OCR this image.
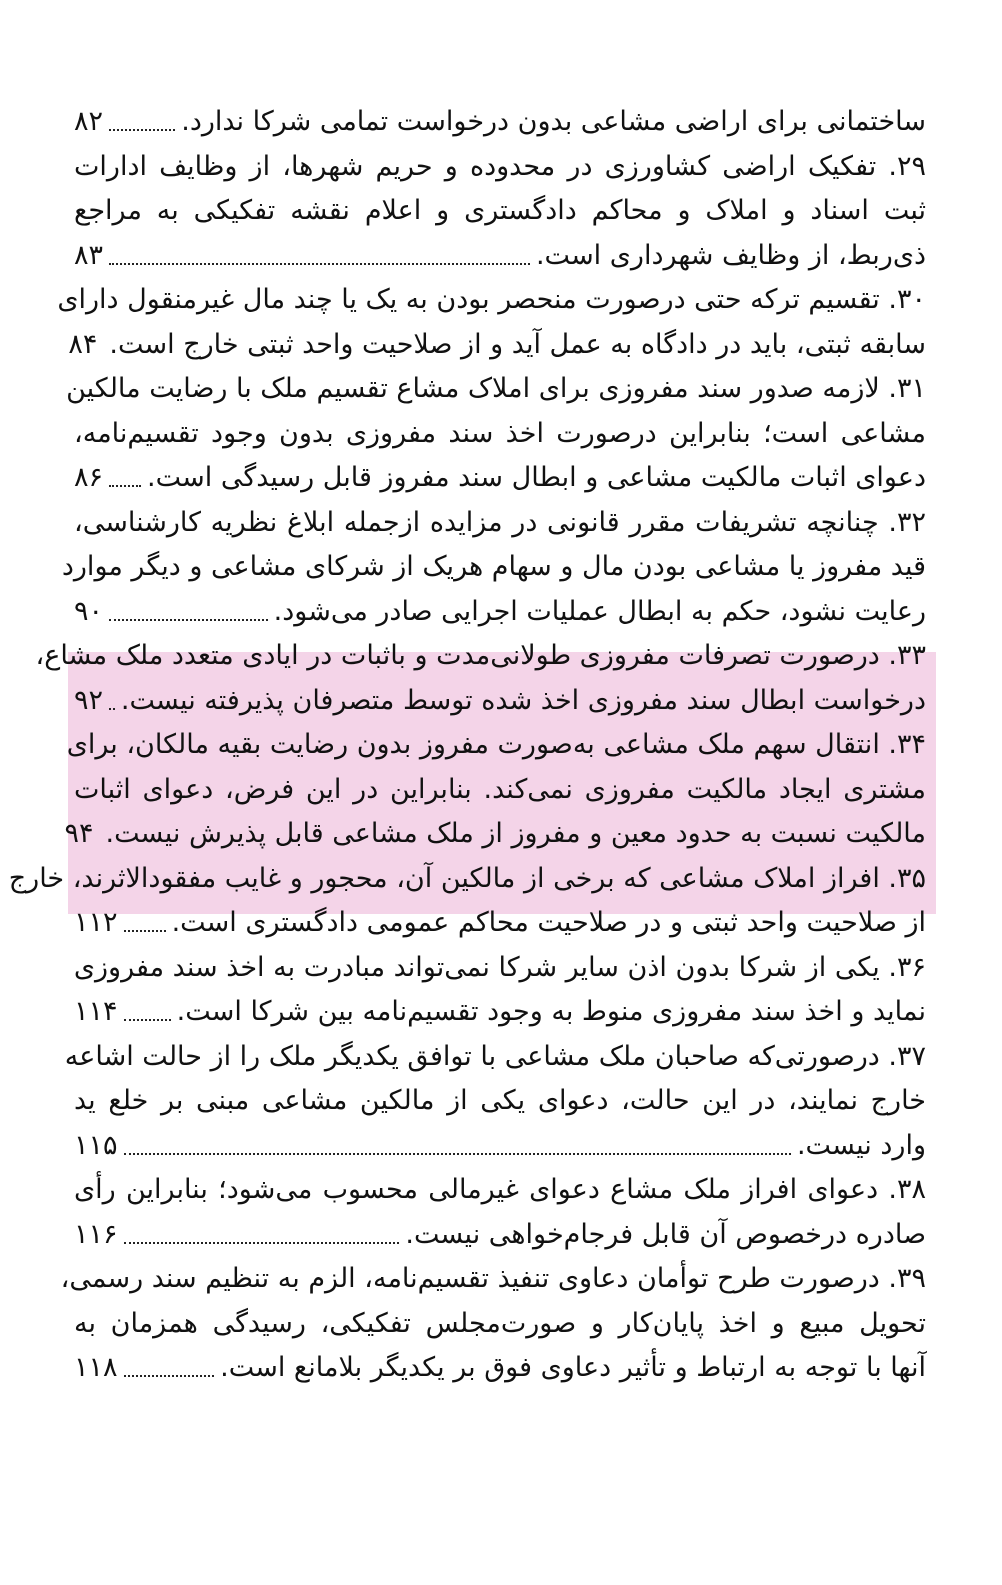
ساختمانی برای اراضی مشاعی بدون درخواست تمامی شرکا ندارد.
۸۲
۲۹. تفکیک اراضی کشاورزی در محدوده و حریم شهرها، از وظایف ادارات
ثبت اسناد و املاک و محاکم دادگستری و اعلام نقشه تفکیکی به مراجع
ذی‌ربط، از وظایف شهرداری است.
۸۳
۳۰. تقسیم ترکه حتی درصورت منحصر بودن به یک یا چند مال غیرمنقول دارای
سابقه ثبتی، باید در دادگاه به عمل آید و از صلاحیت واحد ثبتی خارج است.
۸۴
۳۱. لازمه صدور سند مفروزی برای املاک مشاع تقسیم ملک با رضایت مالکین
مشاعی است؛ بنابراین درصورت اخذ سند مفروزی بدون وجود تقسیم‌نامه،
دعوای اثبات مالکیت مشاعی و ابطال سند مفروز قابل رسیدگی است.
۸۶
۳۲. چنانچه تشریفات مقرر قانونی در مزایده ازجمله ابلاغ نظریه کارشناسی،
قید مفروز یا مشاعی بودن مال و سهام هریک از شرکای مشاعی و دیگر موارد
رعایت نشود، حکم به ابطال عملیات اجرایی صادر می‌شود.
۹۰
۳۳. درصورت تصرفات مفروزی طولانی‌مدت و باثبات در ایادی متعدد ملک مشاع،
درخواست ابطال سند مفروزی اخذ شده توسط متصرفان پذیرفته نیست.
۹۲
۳۴. انتقال سهم ملک مشاعی به‌صورت مفروز بدون رضایت بقیه مالکان، برای
مشتری ایجاد مالکیت مفروزی نمی‌کند. بنابراین در این فرض، دعوای اثبات
مالکیت نسبت به حدود معین و مفروز از ملک مشاعی قابل پذیرش نیست.
۹۴
۳۵. افراز املاک مشاعی که برخی از مالکین آن، محجور و غایب مفقودالاثرند، خارج
از صلاحیت واحد ثبتی و در صلاحیت محاکم عمومی دادگستری است.
۱۱۲
۳۶. یکی از شرکا بدون اذن سایر شرکا نمی‌تواند مبادرت به اخذ سند مفروزی
نماید و اخذ سند مفروزی منوط به وجود تقسیم‌نامه بین شرکا است.
۱۱۴
۳۷. درصورتی‌که صاحبان ملک مشاعی با توافق یکدیگر ملک را از حالت اشاعه
خارج نمایند، در این حالت، دعوای یکی از مالکین مشاعی مبنی بر خلع ید
وارد نیست.
۱۱۵
۳۸. دعوای افراز ملک مشاع دعوای غیرمالی محسوب می‌شود؛ بنابراین رأی
صادره درخصوص آن قابل فرجام‌خواهی نیست.
۱۱۶
۳۹. درصورت طرح توأمان دعاوی تنفیذ تقسیم‌نامه، الزم به تنظیم سند رسمی،
تحویل مبیع و اخذ پایان‌کار و صورت‌مجلس تفکیکی، رسیدگی همزمان به
آنها با توجه به ارتباط و تأثیر دعاوی فوق بر یکدیگر بلامانع است.
۱۱۸
